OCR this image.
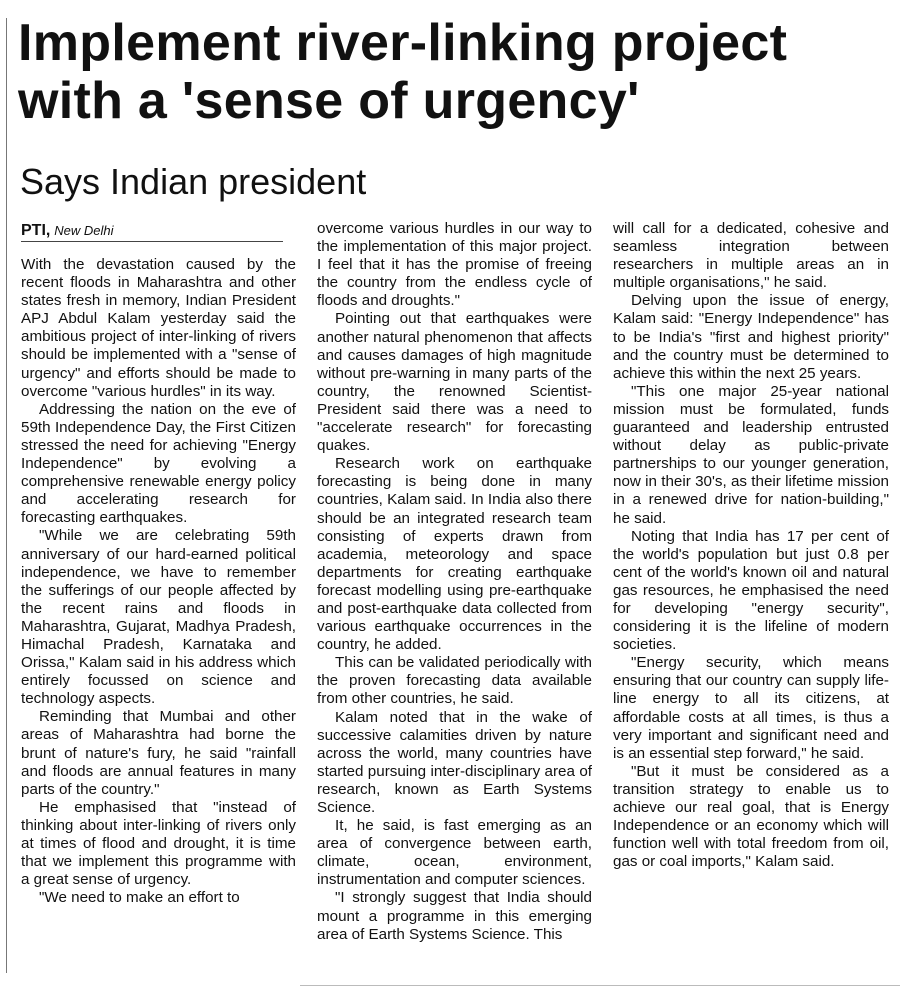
Implement river-linking project
with a 'sense of urgency'
Says Indian president
PTI, New Delhi

With the devastation caused by the recent floods in Maharashtra and other states fresh in memory, Indian President APJ Abdul Kalam yesterday said the ambitious project of inter-linking of rivers should be implemented with a "sense of urgency" and efforts should be made to overcome "various hurdles" in its way.

Addressing the nation on the eve of 59th Independence Day, the First Citizen stressed the need for achieving "Energy Independence" by evolving a comprehensive renewable energy policy and accelerating research for forecasting earthquakes.

"While we are celebrating 59th anniversary of our hard-earned political independence, we have to remember the sufferings of our people affected by the recent rains and floods in Maharashtra, Gujarat, Madhya Pradesh, Himachal Pradesh, Karnataka and Orissa," Kalam said in his address which entirely focussed on science and technology aspects.

Reminding that Mumbai and other areas of Maharashtra had borne the brunt of nature's fury, he said "rainfall and floods are annual features in many parts of the country."

He emphasised that "instead of thinking about inter-linking of rivers only at times of flood and drought, it is time that we implement this programme with a great sense of urgency.

"We need to make an effort to

overcome various hurdles in our way to the implementation of this major project. I feel that it has the promise of freeing the country from the endless cycle of floods and droughts."

Pointing out that earthquakes were another natural phenomenon that affects and causes damages of high magnitude without pre-warning in many parts of the country, the renowned Scientist-President said there was a need to "accelerate research" for forecasting quakes.

Research work on earthquake forecasting is being done in many countries, Kalam said. In India also there should be an integrated research team consisting of experts drawn from academia, meteorology and space departments for creating earthquake forecast modelling using pre-earthquake and post-earthquake data collected from various earthquake occurrences in the country, he added.

This can be validated periodically with the proven forecasting data available from other countries, he said.

Kalam noted that in the wake of successive calamities driven by nature across the world, many countries have started pursuing inter-disciplinary area of research, known as Earth Systems Science.

It, he said, is fast emerging as an area of convergence between earth, climate, ocean, environment, instrumentation and computer sciences.

"I strongly suggest that India should mount a programme in this emerging area of Earth Systems Science. This

will call for a dedicated, cohesive and seamless integration between researchers in multiple areas an in multiple organisations," he said.

Delving upon the issue of energy, Kalam said: "Energy Independence" has to be India's "first and highest priority" and the country must be determined to achieve this within the next 25 years.

"This one major 25-year national mission must be formulated, funds guaranteed and leadership entrusted without delay as public-private partnerships to our younger generation, now in their 30's, as their lifetime mission in a renewed drive for nation-building," he said.

Noting that India has 17 per cent of the world's population but just 0.8 per cent of the world's known oil and natural gas resources, he emphasised the need for developing "energy security", considering it is the lifeline of modern societies.

"Energy security, which means ensuring that our country can supply life-line energy to all its citizens, at affordable costs at all times, is thus a very important and significant need and is an essential step forward," he said.

"But it must be considered as a transition strategy to enable us to achieve our real goal, that is Energy Independence or an economy which will function well with total freedom from oil, gas or coal imports," Kalam said.
